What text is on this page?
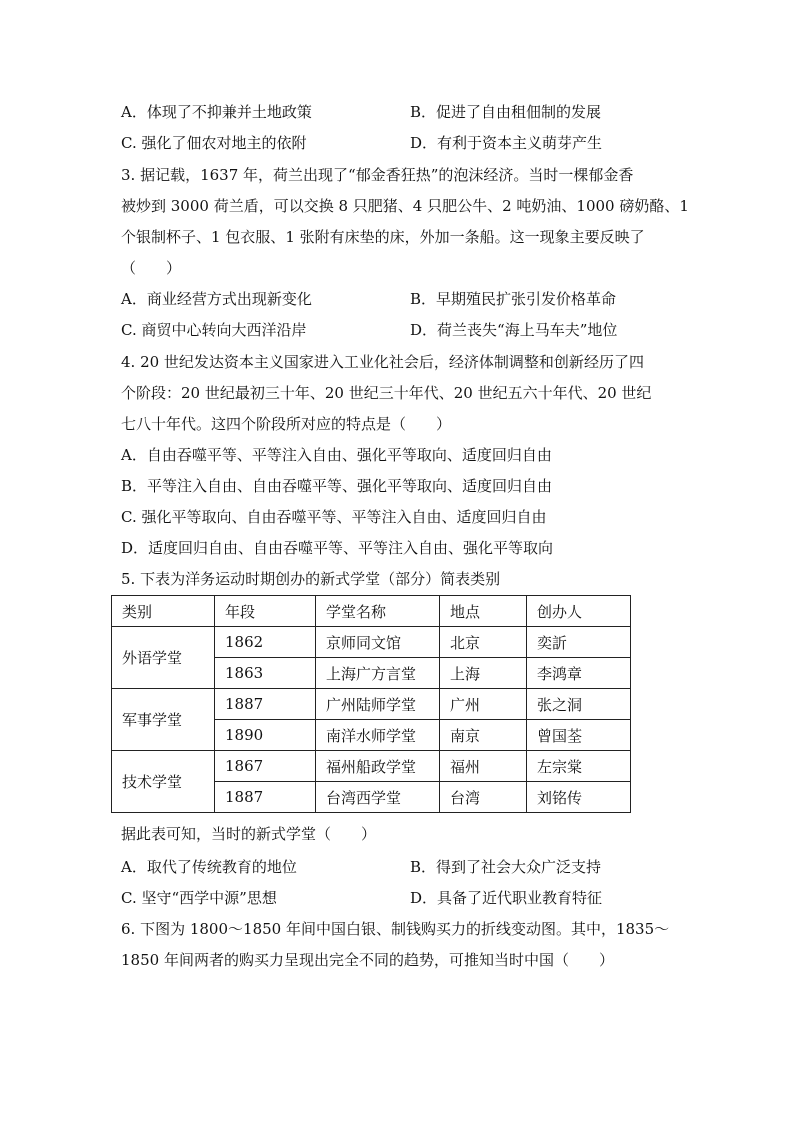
A．体现了不抑兼并土地政策	B．促进了自由租佃制的发展
C. 强化了佃农对地主的依附	D．有利于资本主义萌芽产生
3. 据记载，1637 年，荷兰出现了“郁金香狂热”的泡沫经济。当时一棵郁金香
被炒到 3000 荷兰盾，可以交换 8 只肥猪、4 只肥公牛、2 吨奶油、1000 磅奶酪、1
个银制杯子、1 包衣服、1 张附有床垫的床，外加一条船。这一现象主要反映了
（　　）
A．商业经营方式出现新变化	B．早期殖民扩张引发价格革命
C. 商贸中心转向大西洋沿岸	D．荷兰丧失“海上马车夫”地位
4. 20 世纪发达资本主义国家进入工业化社会后，经济体制调整和创新经历了四
个阶段：20 世纪最初三十年、20 世纪三十年代、20 世纪五六十年代、20 世纪
七八十年代。这四个阶段所对应的特点是（　　）
A．自由吞噬平等、平等注入自由、强化平等取向、适度回归自由
B．平等注入自由、自由吞噬平等、强化平等取向、适度回归自由
C. 强化平等取向、自由吞噬平等、平等注入自由、适度回归自由
D．适度回归自由、自由吞噬平等、平等注入自由、强化平等取向
5. 下表为洋务运动时期创办的新式学堂（部分）简表类别
类别	年段	学堂名称	地点	创办人
外语学堂	1862	京师同文馆	北京	奕訢
	1863	上海广方言堂	上海	李鸿章
军事学堂	1887	广州陆师学堂	广州	张之洞
	1890	南洋水师学堂	南京	曾国荃
技术学堂	1867	福州船政学堂	福州	左宗棠
	1887	台湾西学堂	台湾	刘铭传
据此表可知，当时的新式学堂（　　）
A．取代了传统教育的地位	B．得到了社会大众广泛支持
C. 坚守“西学中源”思想	D．具备了近代职业教育特征
6. 下图为 1800～1850 年间中国白银、制钱购买力的折线变动图。其中，1835～
1850 年间两者的购买力呈现出完全不同的趋势，可推知当时中国（　　）
